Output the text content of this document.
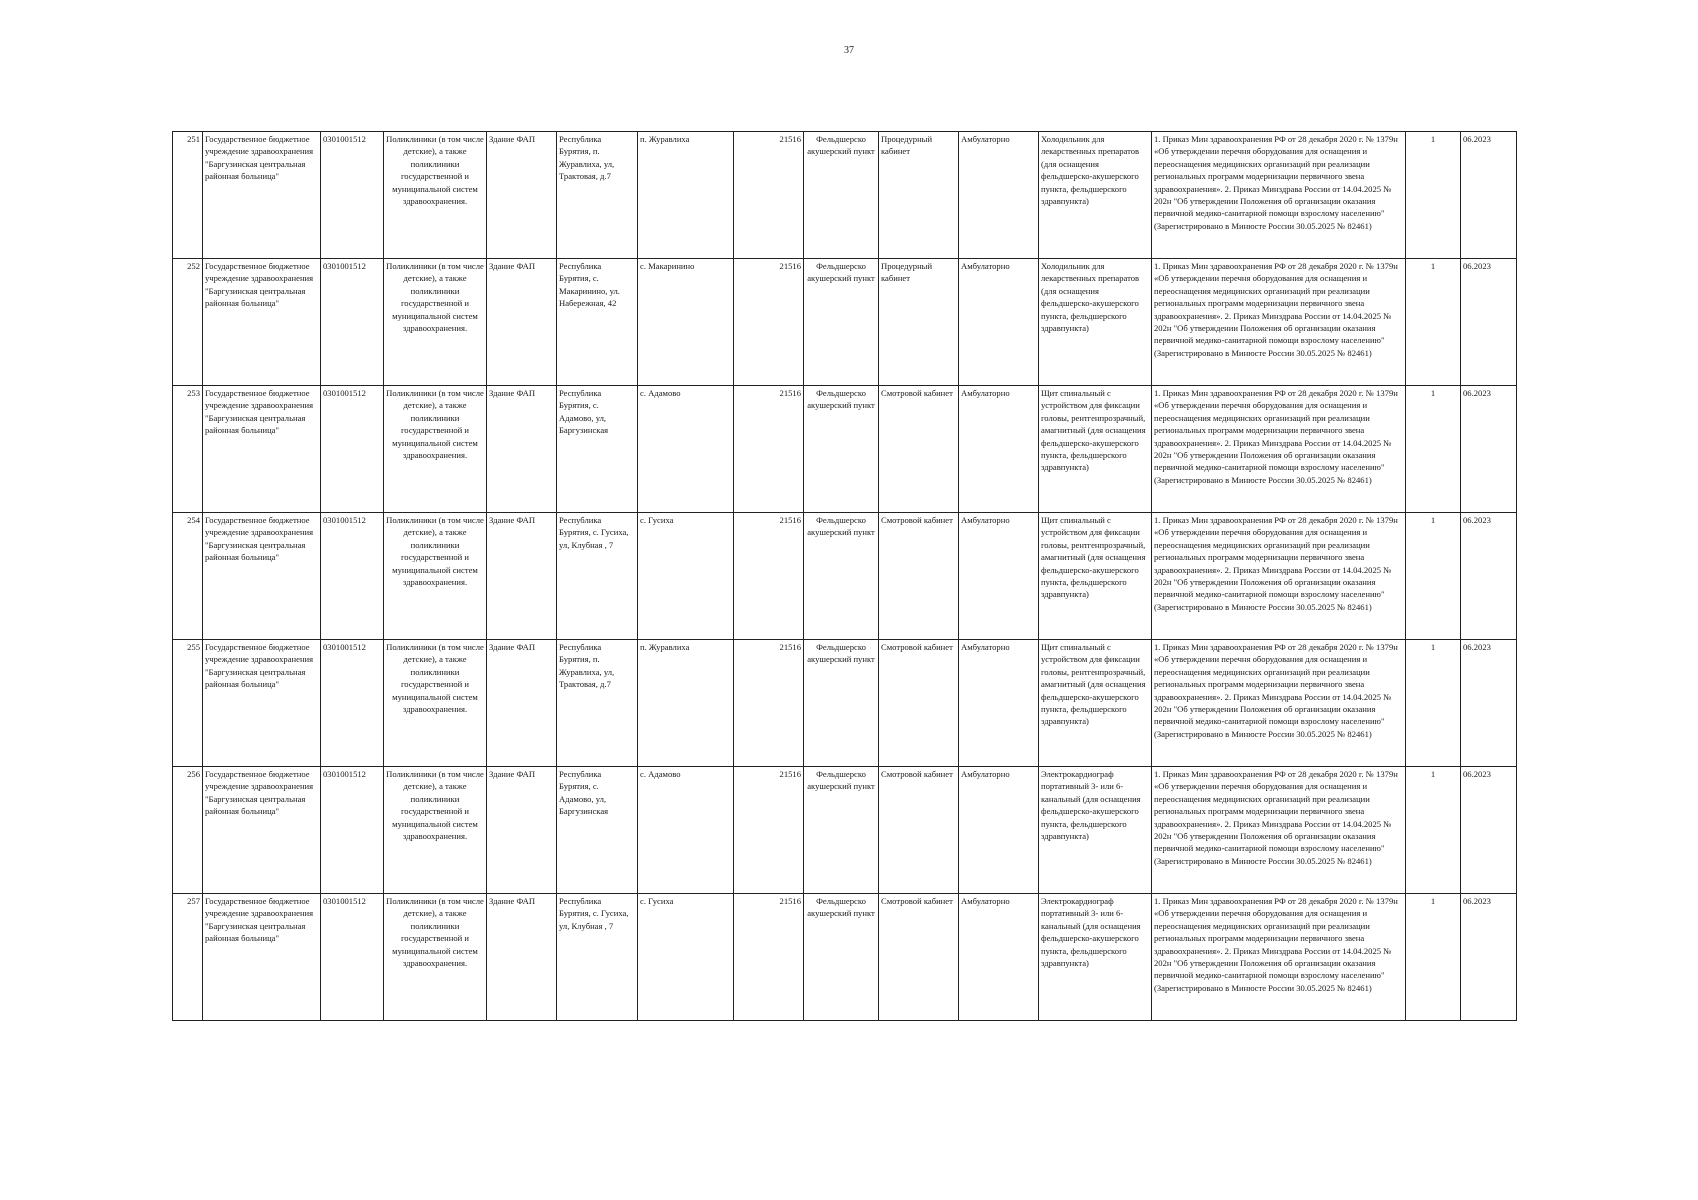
37
251	Государственное бюджетное учреждение здравоохранения "Баргузинская центральная районная больница"	0301001512	Поликлиники (в том числе детские), а также поликлиники государственной и муниципальной систем здравоохранения.	Здание ФАП	Республика Бурятия, п. Журавлиха, ул, Трактовая, д.7	п. Журавлиха	21516	Фельдшерско акушерский пункт	Процедурный кабинет	Амбулаторно	Холодильник для лекарственных препаратов (для оснащения фельдшерско-акушерского пункта, фельдшерского здравпункта)	1. Приказ Мин здравоохранения РФ от 28 декабря 2020 г. № 1379н «Об утверждении перечня оборудования для оснащения и переоснащения медицинских организаций при реализации региональных программ модернизации первичного звена здравоохранения». 2. Приказ Минздрава России от 14.04.2025 № 202н "Об утверждении Положения об организации оказания первичной медико-санитарной помощи взрослому населению" (Зарегистрировано в Минюсте России 30.05.2025 № 82461)	1	06.2023
252	Государственное бюджетное учреждение здравоохранения "Баргузинская центральная районная больница"	0301001512	Поликлиники (в том числе детские), а также поликлиники государственной и муниципальной систем здравоохранения.	Здание ФАП	Республика Бурятия, с. Макаринино, ул. Набережная, 42	с. Макаринино	21516	Фельдшерско акушерский пункт	Процедурный кабинет	Амбулаторно	Холодильник для лекарственных препаратов (для оснащения фельдшерско-акушерского пункта, фельдшерского здравпункта)	1. Приказ Мин здравоохранения РФ от 28 декабря 2020 г. № 1379н «Об утверждении перечня оборудования для оснащения и переоснащения медицинских организаций при реализации региональных программ модернизации первичного звена здравоохранения». 2. Приказ Минздрава России от 14.04.2025 № 202н "Об утверждении Положения об организации оказания первичной медико-санитарной помощи взрослому населению" (Зарегистрировано в Минюсте России 30.05.2025 № 82461)	1	06.2023
253	Государственное бюджетное учреждение здравоохранения "Баргузинская центральная районная больница"	0301001512	Поликлиники (в том числе детские), а также поликлиники государственной и муниципальной систем здравоохранения.	Здание ФАП	Республика Бурятия, с. Адамово, ул, Баргузинская	с. Адамово	21516	Фельдшерско акушерский пункт	Смотровой кабинет	Амбулаторно	Щит спинальный с устройством для фиксации головы, рентгенпрозрачный, амагнитный (для оснащения фельдшерско-акушерского пункта, фельдшерского здравпункта)	1. Приказ Мин здравоохранения РФ от 28 декабря 2020 г. № 1379н «Об утверждении перечня оборудования для оснащения и переоснащения медицинских организаций при реализации региональных программ модернизации первичного звена здравоохранения». 2. Приказ Минздрава России от 14.04.2025 № 202н "Об утверждении Положения об организации оказания первичной медико-санитарной помощи взрослому населению" (Зарегистрировано в Минюсте России 30.05.2025 № 82461)	1	06.2023
254	Государственное бюджетное учреждение здравоохранения "Баргузинская центральная районная больница"	0301001512	Поликлиники (в том числе детские), а также поликлиники государственной и муниципальной систем здравоохранения.	Здание ФАП	Республика Бурятия, с. Гусиха, ул, Клубная , 7	с. Гусиха	21516	Фельдшерско акушерский пункт	Смотровой кабинет	Амбулаторно	Щит спинальный с устройством для фиксации головы, рентгенпрозрачный, амагнитный (для оснащения фельдшерско-акушерского пункта, фельдшерского здравпункта)	1. Приказ Мин здравоохранения РФ от 28 декабря 2020 г. № 1379н «Об утверждении перечня оборудования для оснащения и переоснащения медицинских организаций при реализации региональных программ модернизации первичного звена здравоохранения». 2. Приказ Минздрава России от 14.04.2025 № 202н "Об утверждении Положения об организации оказания первичной медико-санитарной помощи взрослому населению" (Зарегистрировано в Минюсте России 30.05.2025 № 82461)	1	06.2023
255	Государственное бюджетное учреждение здравоохранения "Баргузинская центральная районная больница"	0301001512	Поликлиники (в том числе детские), а также поликлиники государственной и муниципальной систем здравоохранения.	Здание ФАП	Республика Бурятия, п. Журавлиха, ул, Трактовая, д.7	п. Журавлиха	21516	Фельдшерско акушерский пункт	Смотровой кабинет	Амбулаторно	Щит спинальный с устройством для фиксации головы, рентгенпрозрачный, амагнитный (для оснащения фельдшерско-акушерского пункта, фельдшерского здравпункта)	1. Приказ Мин здравоохранения РФ от 28 декабря 2020 г. № 1379н «Об утверждении перечня оборудования для оснащения и переоснащения медицинских организаций при реализации региональных программ модернизации первичного звена здравоохранения». 2. Приказ Минздрава России от 14.04.2025 № 202н "Об утверждении Положения об организации оказания первичной медико-санитарной помощи взрослому населению" (Зарегистрировано в Минюсте России 30.05.2025 № 82461)	1	06.2023
256	Государственное бюджетное учреждение здравоохранения "Баргузинская центральная районная больница"	0301001512	Поликлиники (в том числе детские), а также поликлиники государственной и муниципальной систем здравоохранения.	Здание ФАП	Республика Бурятия, с. Адамово, ул, Баргузинская	с. Адамово	21516	Фельдшерско акушерский пункт	Смотровой кабинет	Амбулаторно	Электрокардиограф портативный 3- или 6-канальный (для оснащения фельдшерско-акушерского пункта, фельдшерского здравпункта)	1. Приказ Мин здравоохранения РФ от 28 декабря 2020 г. № 1379н «Об утверждении перечня оборудования для оснащения и переоснащения медицинских организаций при реализации региональных программ модернизации первичного звена здравоохранения». 2. Приказ Минздрава России от 14.04.2025 № 202н "Об утверждении Положения об организации оказания первичной медико-санитарной помощи взрослому населению" (Зарегистрировано в Минюсте России 30.05.2025 № 82461)	1	06.2023
257	Государственное бюджетное учреждение здравоохранения "Баргузинская центральная районная больница"	0301001512	Поликлиники (в том числе детские), а также поликлиники государственной и муниципальной систем здравоохранения.	Здание ФАП	Республика Бурятия, с. Гусиха, ул, Клубная , 7	с. Гусиха	21516	Фельдшерско акушерский пункт	Смотровой кабинет	Амбулаторно	Электрокардиограф портативный 3- или 6-канальный (для оснащения фельдшерско-акушерского пункта, фельдшерского здравпункта)	1. Приказ Мин здравоохранения РФ от 28 декабря 2020 г. № 1379н «Об утверждении перечня оборудования для оснащения и переоснащения медицинских организаций при реализации региональных программ модернизации первичного звена здравоохранения». 2. Приказ Минздрава России от 14.04.2025 № 202н "Об утверждении Положения об организации оказания первичной медико-санитарной помощи взрослому населению" (Зарегистрировано в Минюсте России 30.05.2025 № 82461)	1	06.2023
